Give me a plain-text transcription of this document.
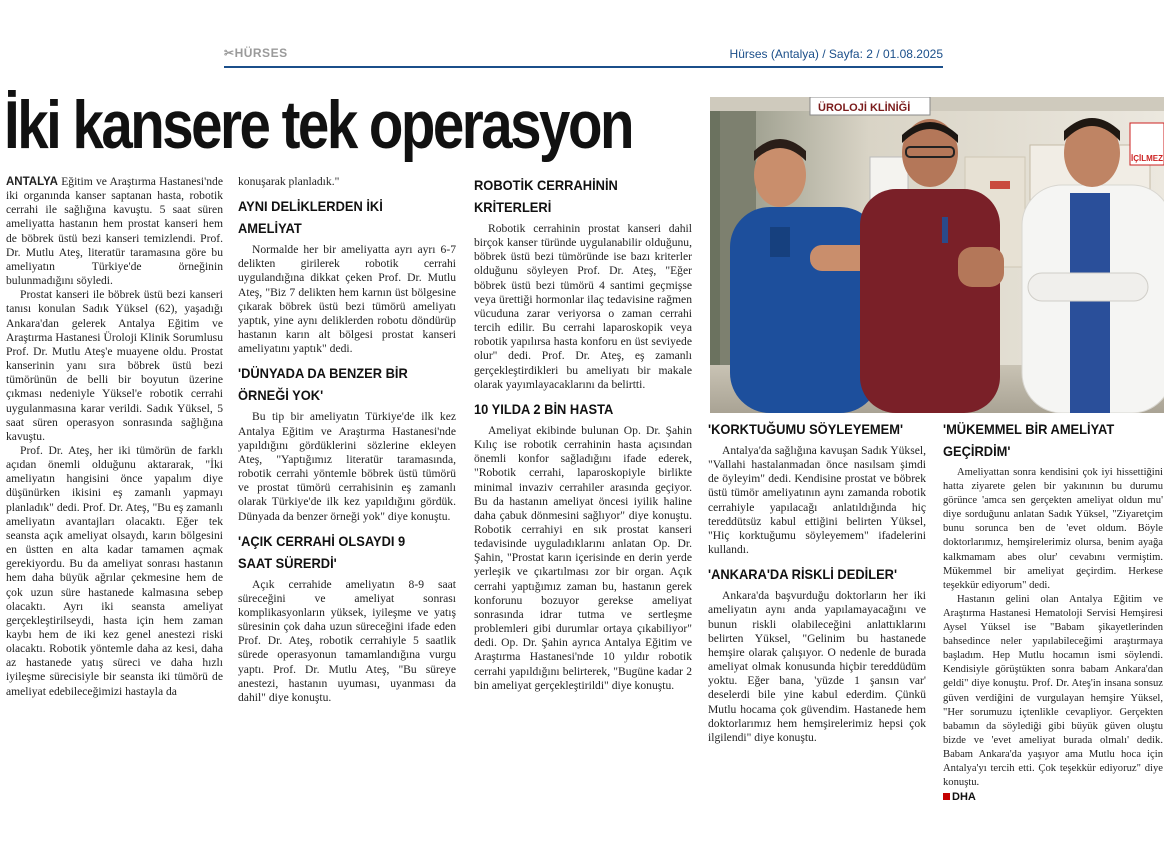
✂HÜRSES	Hürses (Antalya) / Sayfa: 2 / 01.08.2025
İki kansere tek operasyon	ÜROLOJİ KLİNİĞİ
İÇİLMEZ

ANTALYA Eğitim ve Araştırma Hastanesi'nde iki organında kanser saptanan hasta, robotik cerrahi ile sağlığına kavuştu. 5 saat süren ameliyatta hastanın hem prostat kanseri hem de böbrek üstü bezi kanseri temizlendi. Prof. Dr. Mutlu Ateş, literatür taramasına göre bu ameliyatın Türkiye'de örneğinin bulunmadığını söyledi.

Prostat kanseri ile böbrek üstü bezi kanseri tanısı konulan Sadık Yüksel (62), yaşadığı Ankara'dan gelerek Antalya Eğitim ve Araştırma Hastanesi Üroloji Klinik Sorumlusu Prof. Dr. Mutlu Ateş'e muayene oldu. Prostat kanserinin yanı sıra böbrek üstü bezi tümörünün de belli bir boyutun üzerine çıkması nedeniyle Yüksel'e robotik cerrahi uygulanmasına karar verildi. Sadık Yüksel, 5 saat süren operasyon sonrasında sağlığına kavuştu.

Prof. Dr. Ateş, her iki tümörün de farklı açıdan önemli olduğunu aktararak, "İki ameliyatın hangisini önce yapalım diye düşünürken ikisini eş zamanlı yapmayı planladık" dedi. Prof. Dr. Ateş, "Bu eş zamanlı ameliyatın avantajları olacaktı. Eğer tek seansta açık ameliyat olsaydı, karın bölgesini en üstten en alta kadar tamamen açmak gerekiyordu. Bu da ameliyat sonrası hastanın hem daha büyük ağrılar çekmesine hem de çok uzun süre hastanede kalmasına sebep olacaktı. Ayrı iki seansta ameliyat gerçekleştirilseydi, hasta için hem zaman kaybı hem de iki kez genel anestezi riski olacaktı. Robotik yöntemle daha az kesi, daha az hastanede yatış süreci ve daha hızlı iyileşme sürecisiyle bir seansta iki tümörü de ameliyat edebileceğimizi hastayla da

konuşarak planladık."

AYNI DELİKLERDEN İKİ AMELİYAT

Normalde her bir ameliyatta ayrı ayrı 6-7 delikten girilerek robotik cerrahi uygulandığına dikkat çeken Prof. Dr. Mutlu Ateş, "Biz 7 delikten hem karnın üst bölgesine çıkarak böbrek üstü bezi tümörü ameliyatı yaptık, yine aynı deliklerden robotu döndürüp hastanın karın alt bölgesi prostat kanseri ameliyatını yaptık" dedi.

'DÜNYADA DA BENZER BİR ÖRNEĞİ YOK'

Bu tip bir ameliyatın Türkiye'de ilk kez Antalya Eğitim ve Araştırma Hastanesi'nde yapıldığını gördüklerini sözlerine ekleyen Ateş, "Yaptığımız literatür taramasında, robotik cerrahi yöntemle böbrek üstü tümörü ve prostat tümörü cerrahisinin eş zamanlı olarak Türkiye'de ilk kez yapıldığını gördük. Dünyada da benzer örneği yok" diye konuştu.

'AÇIK CERRAHİ OLSAYDI 9 SAAT SÜRERDİ'

Açık cerrahide ameliyatın 8-9 saat süreceğini ve ameliyat sonrası komplikasyonların yüksek, iyileşme ve yatış süresinin çok daha uzun süreceğini ifade eden Prof. Dr. Ateş, robotik cerrahiyle 5 saatlik sürede operasyonun tamamlandığına vurgu yaptı. Prof. Dr. Mutlu Ateş, "Bu süreye anestezi, hastanın uyuması, uyanması da dahil" diye konuştu.

ROBOTİK CERRAHİNİN KRİTERLERİ

Robotik cerrahinin prostat kanseri dahil birçok kanser türünde uygulanabilir olduğunu, böbrek üstü bezi tümöründe ise bazı kriterler olduğunu söyleyen Prof. Dr. Ateş, "Eğer böbrek üstü bezi tümörü 4 santimi geçmişse veya ürettiği hormonlar ilaç tedavisine rağmen vücuduna zarar veriyorsa o zaman cerrahi tercih edilir. Bu cerrahi laparoskopik veya robotik yapılırsa hasta konforu en üst seviyede olur" dedi. Prof. Dr. Ateş, eş zamanlı gerçekleştirdikleri bu ameliyatı bir makale olarak yayımlayacaklarını da belirtti.

10 YILDA 2 BİN HASTA

Ameliyat ekibinde bulunan Op. Dr. Şahin Kılıç ise robotik cerrahinin hasta açısından önemli konfor sağladığını ifade ederek, "Robotik cerrahi, laparoskopiyle birlikte minimal invaziv cerrahiler arasında geçiyor. Bu da hastanın ameliyat öncesi iyilik haline daha çabuk dönmesini sağlıyor" diye konuştu. Robotik cerrahiyi en sık prostat kanseri tedavisinde uyguladıklarını anlatan Op. Dr. Şahin, "Prostat karın içerisinde en derin yerde yerleşik ve çıkartılması zor bir organ. Açık cerrahi yaptığımız zaman bu, hastanın gerek konforunu bozuyor gerekse ameliyat sonrasında idrar tutma ve sertleşme problemleri gibi durumlar ortaya çıkabiliyor" dedi. Op. Dr. Şahin ayrıca Antalya Eğitim ve Araştırma Hastanesi'nde 10 yıldır robotik cerrahi yapıldığını belirterek, "Bugüne kadar 2 bin ameliyat gerçekleştirildi" diye konuştu.

'KORKTUĞUMU SÖYLEYEMEM'

Antalya'da sağlığına kavuşan Sadık Yüksel, "Vallahi hastalanmadan önce nasılsam şimdi de öyleyim" dedi. Kendisine prostat ve böbrek üstü tümör ameliyatının aynı zamanda robotik cerrahiyle yapılacağı anlatıldığında hiç tereddütsüz kabul ettiğini belirten Yüksel, "Hiç korktuğumu söyleyemem" ifadelerini kullandı.

'ANKARA'DA RİSKLİ DEDİLER'

Ankara'da başvurduğu doktorların her iki ameliyatın aynı anda yapılamayacağını ve bunun riskli olabileceğini anlattıklarını belirten Yüksel, "Gelinim bu hastanede hemşire olarak çalışıyor. O nedenle de burada ameliyat olmak konusunda hiçbir tereddüdüm yoktu. Eğer bana, 'yüzde 1 şansın var' deselerdi bile yine kabul ederdim. Çünkü Mutlu hocama çok güvendim. Hastanede hem doktorlarımız hem hemşirelerimiz hepsi çok ilgilendi" diye konuştu.

'MÜKEMMEL BİR AMELİYAT GEÇİRDİM'

Ameliyattan sonra kendisini çok iyi hissettiğini hatta ziyarete gelen bir yakınının bu durumu görünce 'amca sen gerçekten ameliyat oldun mu' diye sorduğunu anlatan Sadık Yüksel, "Ziyaretçim bunu sorunca ben de 'evet oldum. Böyle doktorlarımız, hemşirelerimiz olursa, benim ayağa kalkmamam abes olur' cevabını vermiştim. Mükemmel bir ameliyat geçirdim. Herkese teşekkür ediyorum" dedi.

Hastanın gelini olan Antalya Eğitim ve Araştırma Hastanesi Hematoloji Servisi Hemşiresi Aysel Yüksel ise "Babam şikayetlerinden bahsedince neler yapılabileceğimi araştırmaya başladım. Hep Mutlu hocamın ismi söylendi. Kendisiyle görüştükten sonra babam Ankara'dan geldi" diye konuştu. Prof. Dr. Ateş'in insana sonsuz güven verdiğini de vurgulayan hemşire Yüksel, "Her sorumuzu içtenlikle cevapliyor. Gerçekten babamın da söylediği gibi büyük güven oluştu bizde ve 'evet ameliyat burada olmalı' dedik. Babam Ankara'da yaşıyor ama Mutlu hoca için Antalya'yı tercih etti. Çok teşekkür ediyoruz" diye konuştu.

DHA
